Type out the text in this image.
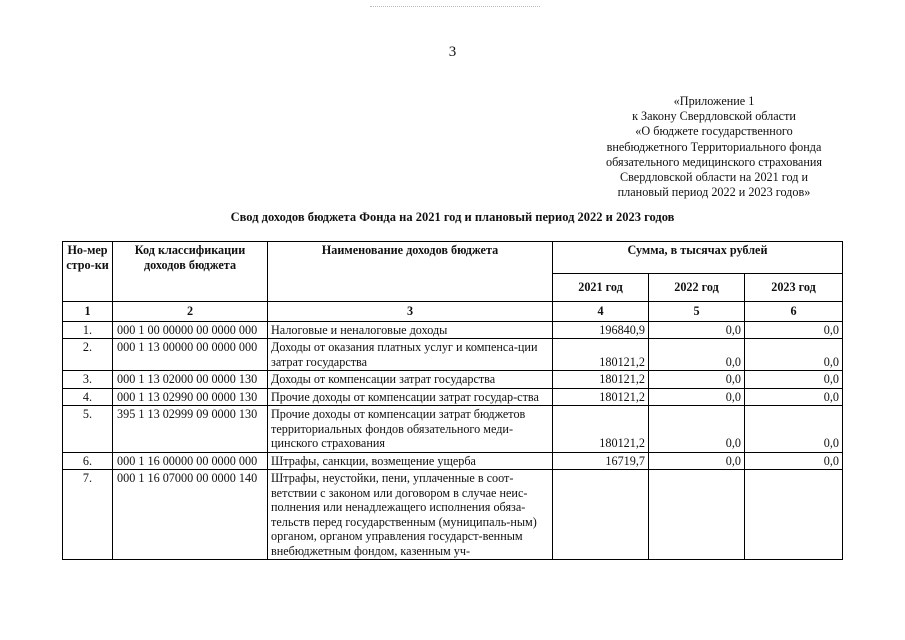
3
«Приложение 1
к Закону Свердловской области
«О бюджете государственного
внебюджетного Территориального фонда
обязательного медицинского страхования
Свердловской области на 2021 год и
плановый период 2022 и 2023 годов»
Свод доходов бюджета Фонда на 2021 год и плановый период 2022 и 2023 годов
Но-мер стро-ки	Код классификации доходов бюджета	Наименование доходов бюджета	Сумма, в тысячах рублей		
			2021 год	2022 год	2023 год
1	2	3	4	5	6
1.	000 1 00 00000 00 0000 000	Налоговые и неналоговые доходы	196840,9	0,0	0,0
2.	000 1 13 00000 00 0000 000	Доходы от оказания платных услуг и компенса-ции затрат государства	180121,2	0,0	0,0
3.	000 1 13 02000 00 0000 130	Доходы от компенсации затрат государства	180121,2	0,0	0,0
4.	000 1 13 02990 00 0000 130	Прочие доходы от компенсации затрат государ-ства	180121,2	0,0	0,0
5.	395 1 13 02999 09 0000 130	Прочие доходы от компенсации затрат бюджетов территориальных фондов обязательного меди-цинского страхования	180121,2	0,0	0,0
6.	000 1 16 00000 00 0000 000	Штрафы, санкции, возмещение ущерба	16719,7	0,0	0,0
7.	000 1 16 07000 00 0000 140	Штрафы, неустойки, пени, уплаченные в соот-ветствии с законом или договором в случае неис-полнения или ненадлежащего исполнения обяза-тельств перед государственным (муниципаль-ным) органом, органом управления государст-венным внебюджетным фондом, казенным уч-			
